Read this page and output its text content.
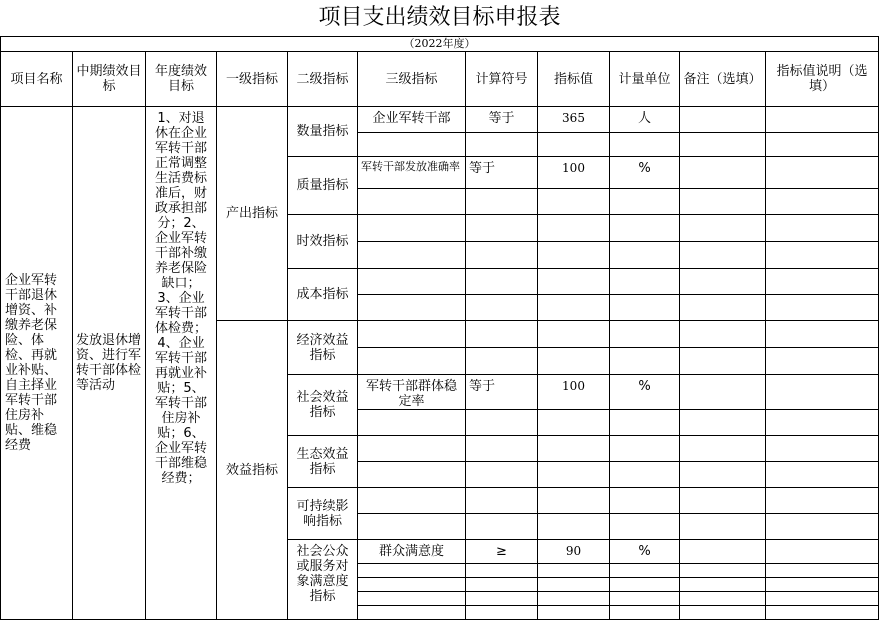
项目支出绩效目标申报表										
（2022年度）										
项目名称	中期绩效目标	年度绩效目标	一级指标	二级指标	三级指标	计算符号	指标值	计量单位	备注（选填）	指标值说明（选填）
企业军转干部退休增资、补缴养老保险、体检、再就业补贴、自主择业军转干部住房补贴、维稳经费	发放退休增资、进行军转干部体检等活动	1、对退休在企业军转干部正常调整生活费标准后，财政承担部分；2、企业军转干部补缴养老保险缺口；3、企业军转干部体检费；4、企业军转干部再就业补贴；5、军转干部住房补贴；6、企业军转干部维稳经费；	产出指标	数量指标	企业军转干部	等于	365	人		

				质量指标	军转干部发放准确率	等于	100	%		

				时效指标						

				成本指标						

			效益指标	经济效益指标						

				社会效益指标	军转干部群体稳定率	等于	100	%		

				生态效益指标						

				可持续影响指标						

				社会公众或服务对象满意度指标	群众满意度	≥	90	%		
